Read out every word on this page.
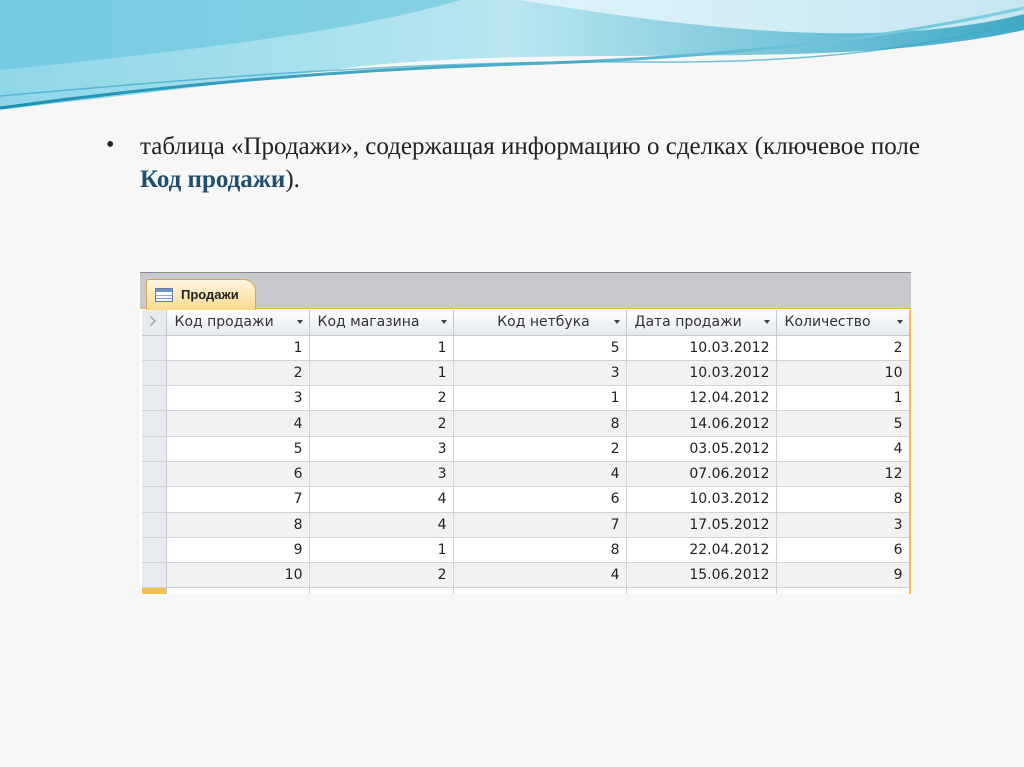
• таблица «Продажи», содержащая информацию о сделках (ключевое поле Код продажи).
Продажи
	Код продажи	Код магазина	Код нетбука	Дата продажи	Количество

	1	1	5	10.03.2012	2
	2	1	3	10.03.2012	10
	3	2	1	12.04.2012	1
	4	2	8	14.06.2012	5
	5	3	2	03.05.2012	4
	6	3	4	07.06.2012	12
	7	4	6	10.03.2012	8
	8	4	7	17.05.2012	3
	9	1	8	22.04.2012	6
	10	2	4	15.06.2012	9
